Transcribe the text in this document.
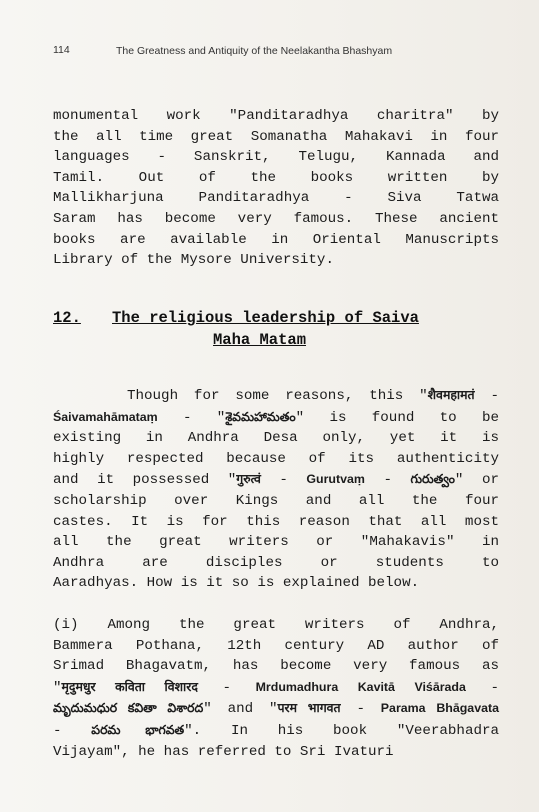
114	The Greatness and Antiquity of the Neelakantha Bhashyam
monumental work "Panditaradhya charitra" by
the all time great Somanatha Mahakavi in four
languages - Sanskrit, Telugu, Kannada and
Tamil. Out of the books written by
Mallikharjuna Panditaradhya - Siva Tatwa
Saram has become very famous. These ancient
books are available in Oriental Manuscripts
Library of the Mysore University.
12. The religious leadership of Saiva
Maha Matam
Though for some reasons, this "शैवमहामतं -
Śaivamahāmataṃ - "శైవమహామతం" is found to be
existing in Andhra Desa only, yet it is
highly respected because of its authenticity
and it possessed "गुरुत्वं - Gurutvaṃ - గురుత్వం" or
scholarship over Kings and all the four
castes. It is for this reason that all most
all the great writers or "Mahakavis" in
Andhra are disciples or students to
Aaradhyas. How is it so is explained below.
(i) Among the great writers of Andhra,
Bammera Pothana, 12th century AD author of
Srimad Bhagavatm, has become very famous as
"मृदुमधुर कविता विशारद - Mrdumadhura Kavitā Viśārada -
మృదుమధుర కవితా విశారద" and "परम भागवत - Parama Bhāgavata
- పరమ భాగవత". In his book "Veerabhadra
Vijayam", he has referred to Sri Ivaturi
